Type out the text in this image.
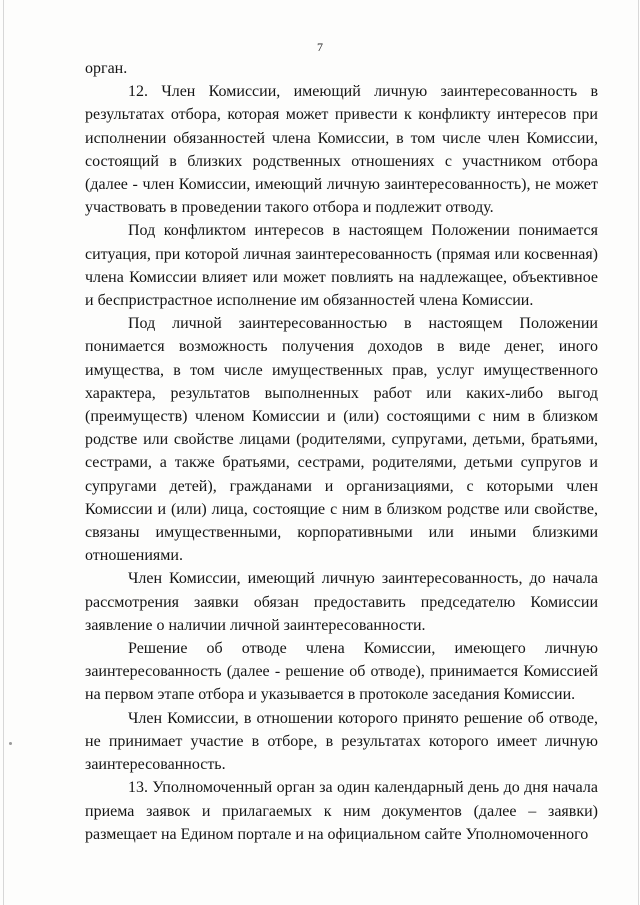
7

орган.

12. Член Комиссии, имеющий личную заинтересованность в результатах отбора, которая может привести к конфликту интересов при исполнении обязанностей члена Комиссии, в том числе член Комиссии, состоящий в близких родственных отношениях с участником отбора (далее - член Комиссии, имеющий личную заинтересованность), не может участвовать в проведении такого отбора и подлежит отводу.

Под конфликтом интересов в настоящем Положении понимается ситуация, при которой личная заинтересованность (прямая или косвенная) члена Комиссии влияет или может повлиять на надлежащее, объективное и беспристрастное исполнение им обязанностей члена Комиссии.

Под личной заинтересованностью в настоящем Положении понимается возможность получения доходов в виде денег, иного имущества, в том числе имущественных прав, услуг имущественного характера, результатов выполненных работ или каких-либо выгод (преимуществ) членом Комиссии и (или) состоящими с ним в близком родстве или свойстве лицами (родителями, супругами, детьми, братьями, сестрами, а также братьями, сестрами, родителями, детьми супругов и супругами детей), гражданами и организациями, с которыми член Комиссии и (или) лица, состоящие с ним в близком родстве или свойстве, связаны имущественными, корпоративными или иными близкими отношениями.

Член Комиссии, имеющий личную заинтересованность, до начала рассмотрения заявки обязан предоставить председателю Комиссии заявление о наличии личной заинтересованности.

Решение об отводе члена Комиссии, имеющего личную заинтересованность (далее - решение об отводе), принимается Комиссией на первом этапе отбора и указывается в протоколе заседания Комиссии.

Член Комиссии, в отношении которого принято решение об отводе, не принимает участие в отборе, в результатах которого имеет личную заинтересованность.

13. Уполномоченный орган за один календарный день до дня начала приема заявок и прилагаемых к ним документов (далее – заявки) размещает на Едином портале и на официальном сайте Уполномоченного
